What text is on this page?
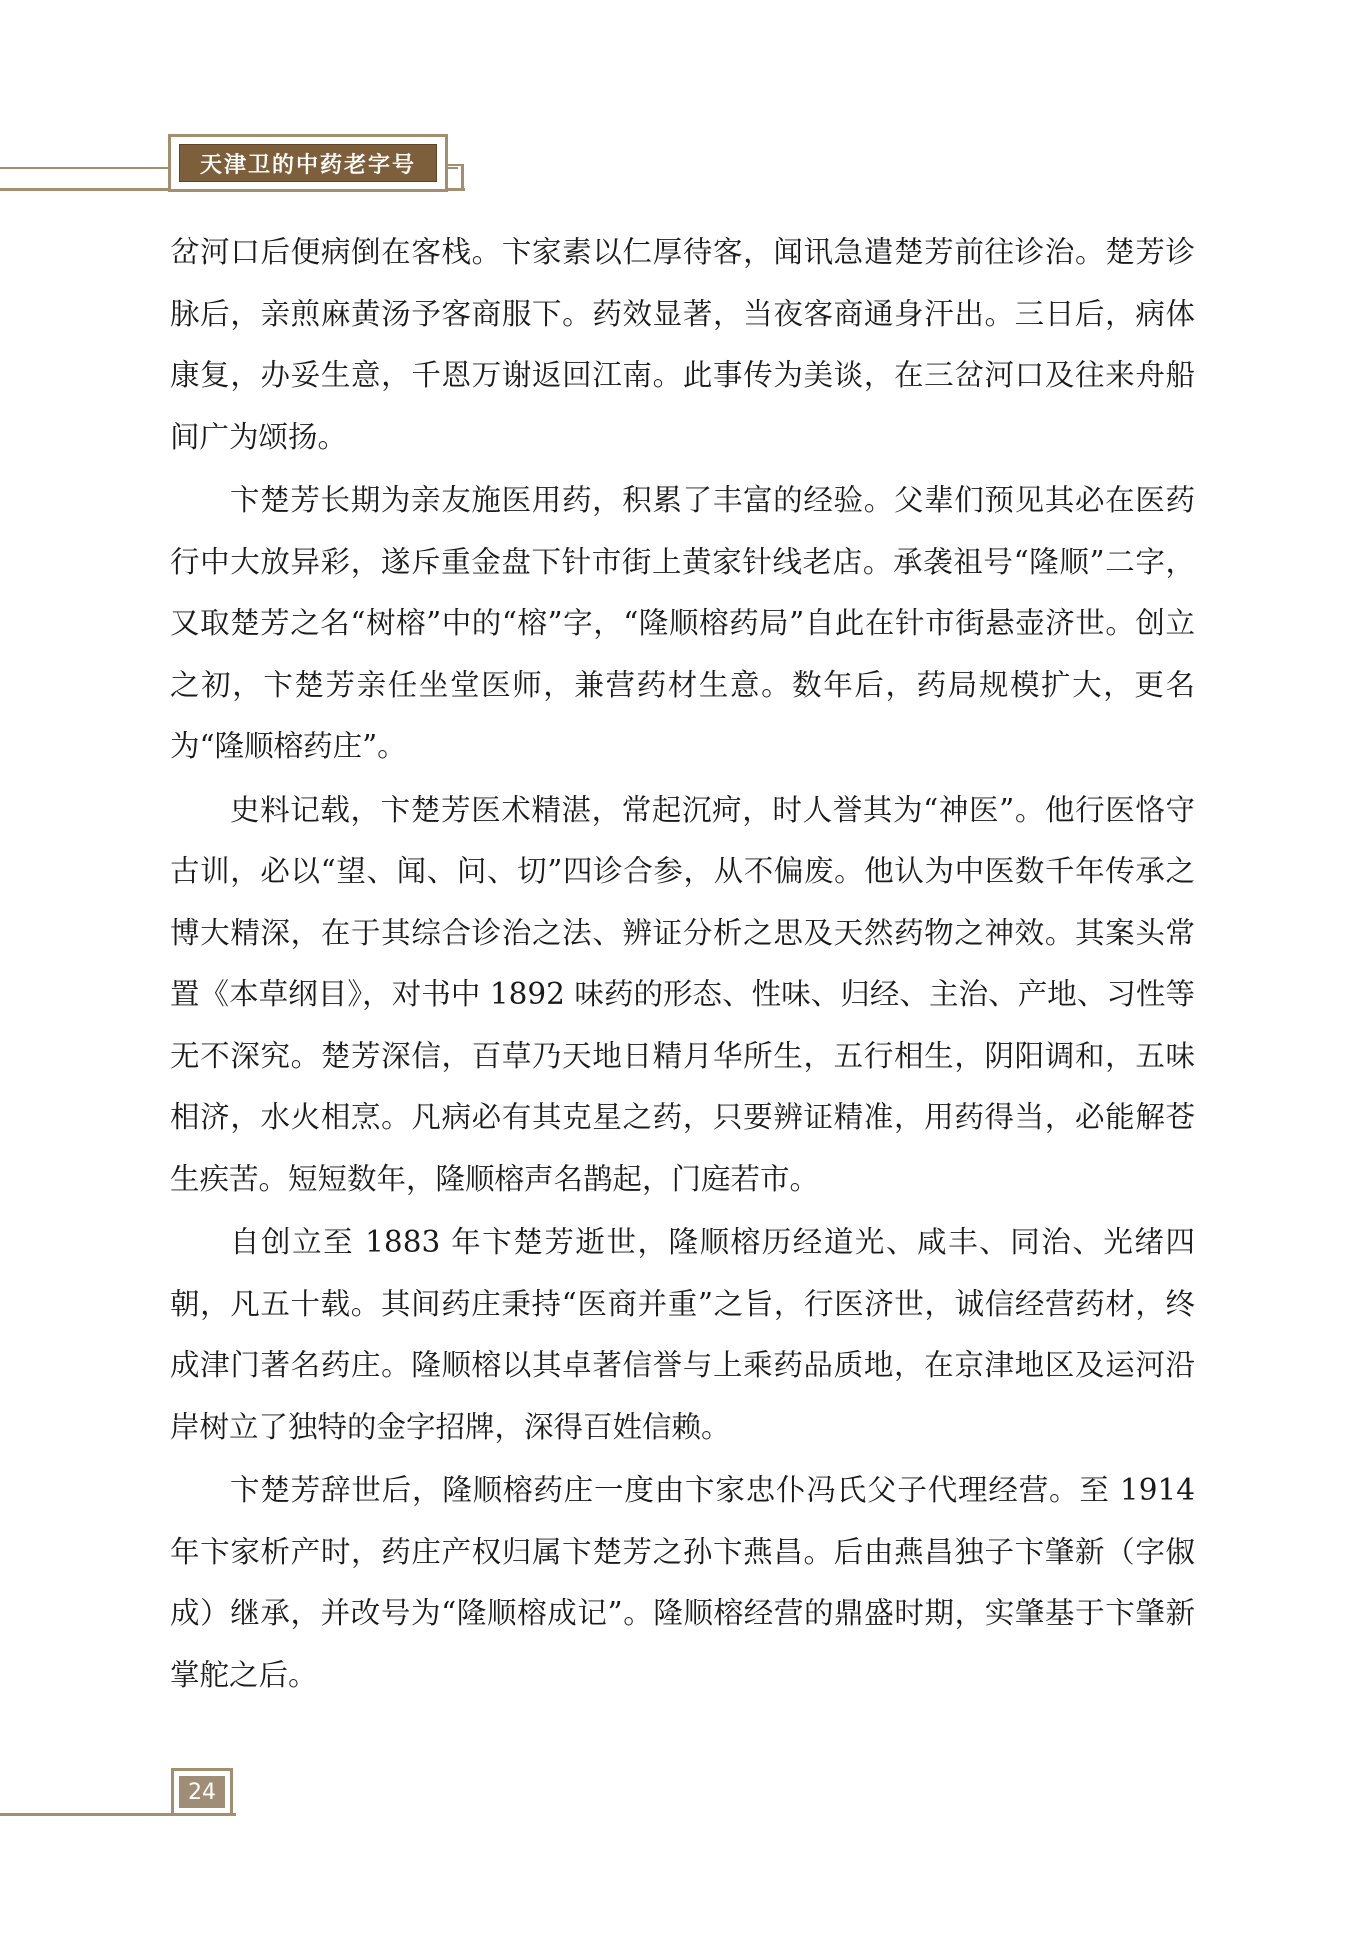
天津卫的中药老字号

岔河口后便病倒在客栈。卞家素以仁厚待客，闻讯急遣楚芳前往诊治。楚芳诊脉后，亲煎麻黄汤予客商服下。药效显著，当夜客商通身汗出。三日后，病体康复，办妥生意，千恩万谢返回江南。此事传为美谈，在三岔河口及往来舟船间广为颂扬。

卞楚芳长期为亲友施医用药，积累了丰富的经验。父辈们预见其必在医药行中大放异彩，遂斥重金盘下针市街上黄家针线老店。承袭祖号“隆顺”二字，又取楚芳之名“树榕”中的“榕”字，“隆顺榕药局”自此在针市街悬壶济世。创立之初，卞楚芳亲任坐堂医师，兼营药材生意。数年后，药局规模扩大，更名为“隆顺榕药庄”。

史料记载，卞楚芳医术精湛，常起沉疴，时人誉其为“神医”。他行医恪守古训，必以“望、闻、问、切”四诊合参，从不偏废。他认为中医数千年传承之博大精深，在于其综合诊治之法、辨证分析之思及天然药物之神效。其案头常置《本草纲目》，对书中 1892 味药的形态、性味、归经、主治、产地、习性等无不深究。楚芳深信，百草乃天地日精月华所生，五行相生，阴阳调和，五味相济，水火相烹。凡病必有其克星之药，只要辨证精准，用药得当，必能解苍生疾苦。短短数年，隆顺榕声名鹊起，门庭若市。

自创立至 1883 年卞楚芳逝世，隆顺榕历经道光、咸丰、同治、光绪四朝，凡五十载。其间药庄秉持“医商并重”之旨，行医济世，诚信经营药材，终成津门著名药庄。隆顺榕以其卓著信誉与上乘药品质地，在京津地区及运河沿岸树立了独特的金字招牌，深得百姓信赖。

卞楚芳辞世后，隆顺榕药庄一度由卞家忠仆冯氏父子代理经营。至 1914 年卞家析产时，药庄产权归属卞楚芳之孙卞燕昌。后由燕昌独子卞肇新（字俶成）继承，并改号为“隆顺榕成记”。隆顺榕经营的鼎盛时期，实肇基于卞肇新掌舵之后。

24
